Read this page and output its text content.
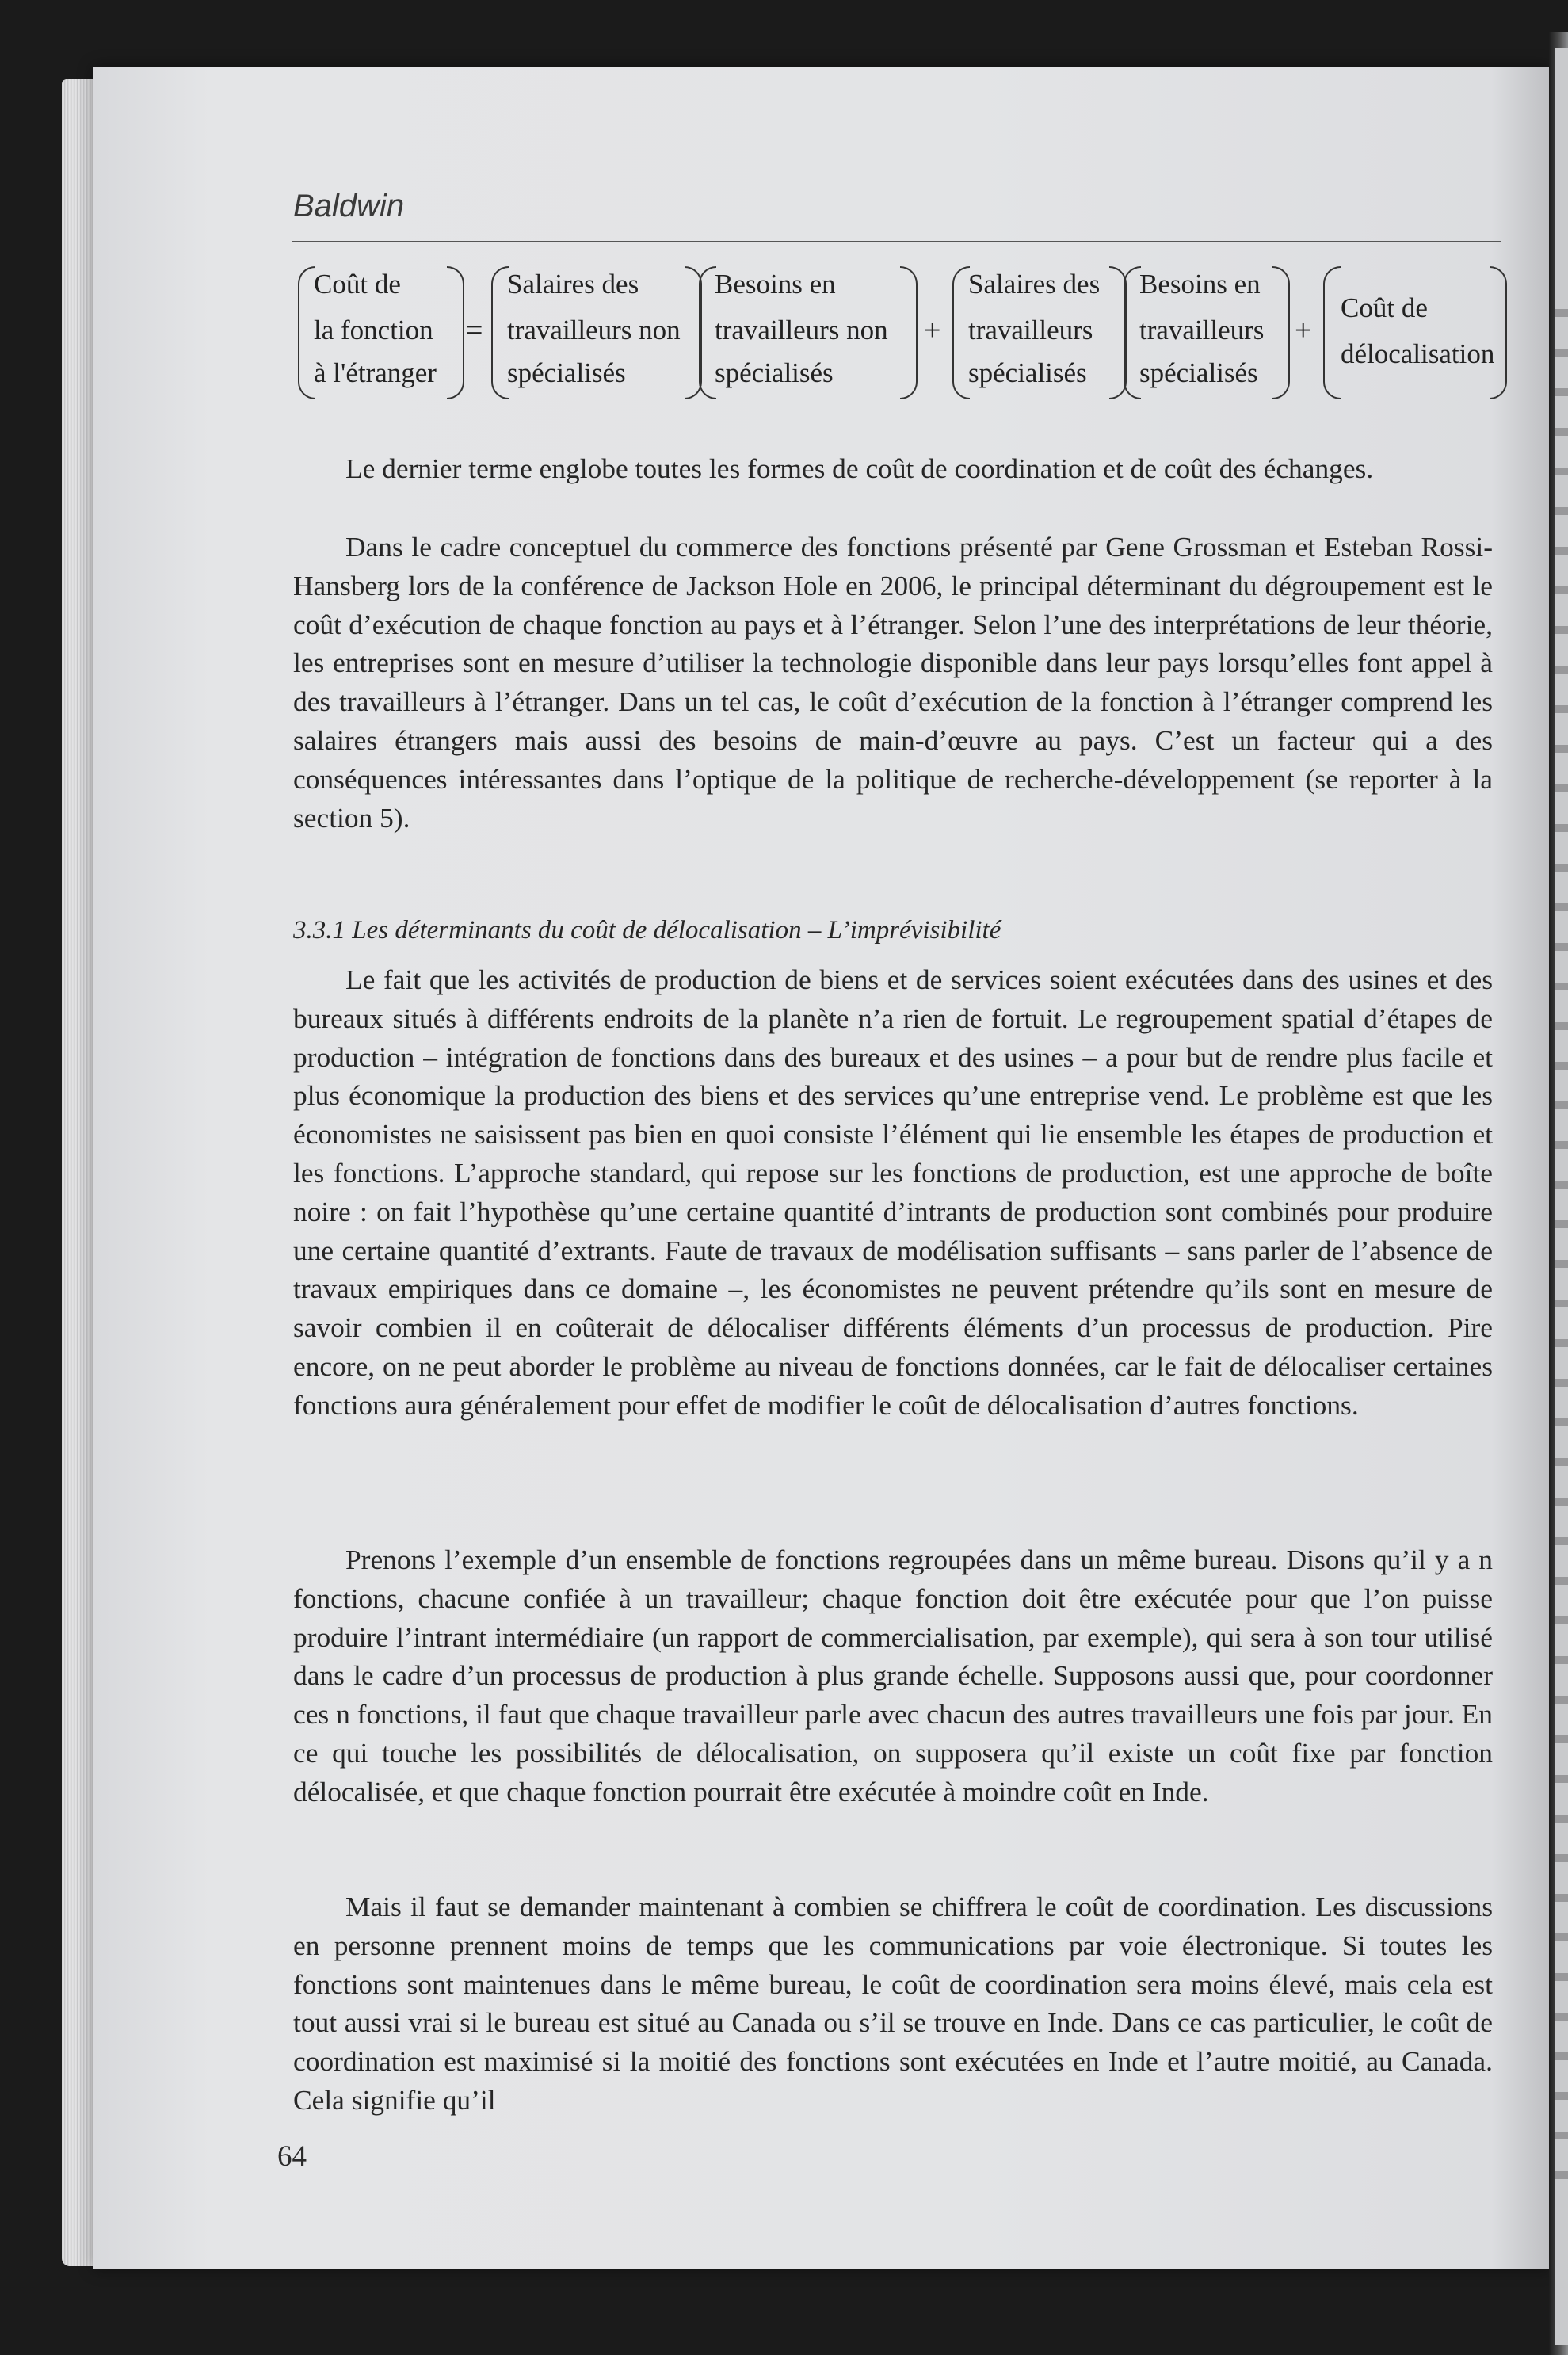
Baldwin
Coût de
la fonction
à l'étranger
=
Salaires des
travailleurs non
spécialisés
Besoins en
travailleurs non
spécialisés
+
Salaires des
travailleurs
spécialisés
Besoins en
travailleurs
spécialisés
+
Coût de
délocalisation

Le dernier terme englobe toutes les formes de coût de coordination et de coût des échanges.

Dans le cadre conceptuel du commerce des fonctions présenté par Gene Grossman et Esteban Rossi-Hansberg lors de la conférence de Jackson Hole en 2006, le principal déterminant du dégroupement est le coût d’exécution de chaque fonction au pays et à l’étranger. Selon l’une des interprétations de leur théorie, les entreprises sont en mesure d’utiliser la technologie disponible dans leur pays lorsqu’elles font appel à des travailleurs à l’étranger. Dans un tel cas, le coût d’exécution de la fonction à l’étranger comprend les salaires étrangers mais aussi des besoins de main-d’œuvre au pays. C’est un facteur qui a des conséquences intéressantes dans l’optique de la politique de recherche-développement (se reporter à la section 5).

3.3.1 Les déterminants du coût de délocalisation – L’imprévisibilité

Le fait que les activités de production de biens et de services soient exécutées dans des usines et des bureaux situés à différents endroits de la planète n’a rien de fortuit. Le regroupement spatial d’étapes de production – intégration de fonctions dans des bureaux et des usines – a pour but de rendre plus facile et plus économique la production des biens et des services qu’une entreprise vend. Le problème est que les économistes ne saisissent pas bien en quoi consiste l’élément qui lie ensemble les étapes de production et les fonctions. L’approche standard, qui repose sur les fonctions de production, est une approche de boîte noire : on fait l’hypothèse qu’une certaine quantité d’intrants de production sont combinés pour produire une certaine quantité d’extrants. Faute de travaux de modélisation suffisants – sans parler de l’absence de travaux empiriques dans ce domaine –, les économistes ne peuvent prétendre qu’ils sont en mesure de savoir combien il en coûterait de délocaliser différents éléments d’un processus de production. Pire encore, on ne peut aborder le problème au niveau de fonctions données, car le fait de délocaliser certaines fonctions aura généralement pour effet de modifier le coût de délocalisation d’autres fonctions.

Prenons l’exemple d’un ensemble de fonctions regroupées dans un même bureau. Disons qu’il y a n fonctions, chacune confiée à un travailleur; chaque fonction doit être exécutée pour que l’on puisse produire l’intrant intermédiaire (un rapport de commercialisation, par exemple), qui sera à son tour utilisé dans le cadre d’un processus de production à plus grande échelle. Supposons aussi que, pour coordonner ces n fonctions, il faut que chaque travailleur parle avec chacun des autres travailleurs une fois par jour. En ce qui touche les possibilités de délocalisation, on supposera qu’il existe un coût fixe par fonction délocalisée, et que chaque fonction pourrait être exécutée à moindre coût en Inde.

Mais il faut se demander maintenant à combien se chiffrera le coût de coordination. Les discussions en personne prennent moins de temps que les communications par voie électronique. Si toutes les fonctions sont maintenues dans le même bureau, le coût de coordination sera moins élevé, mais cela est tout aussi vrai si le bureau est situé au Canada ou s’il se trouve en Inde. Dans ce cas particulier, le coût de coordination est maximisé si la moitié des fonctions sont exécutées en Inde et l’autre moitié, au Canada. Cela signifie qu’il

64
